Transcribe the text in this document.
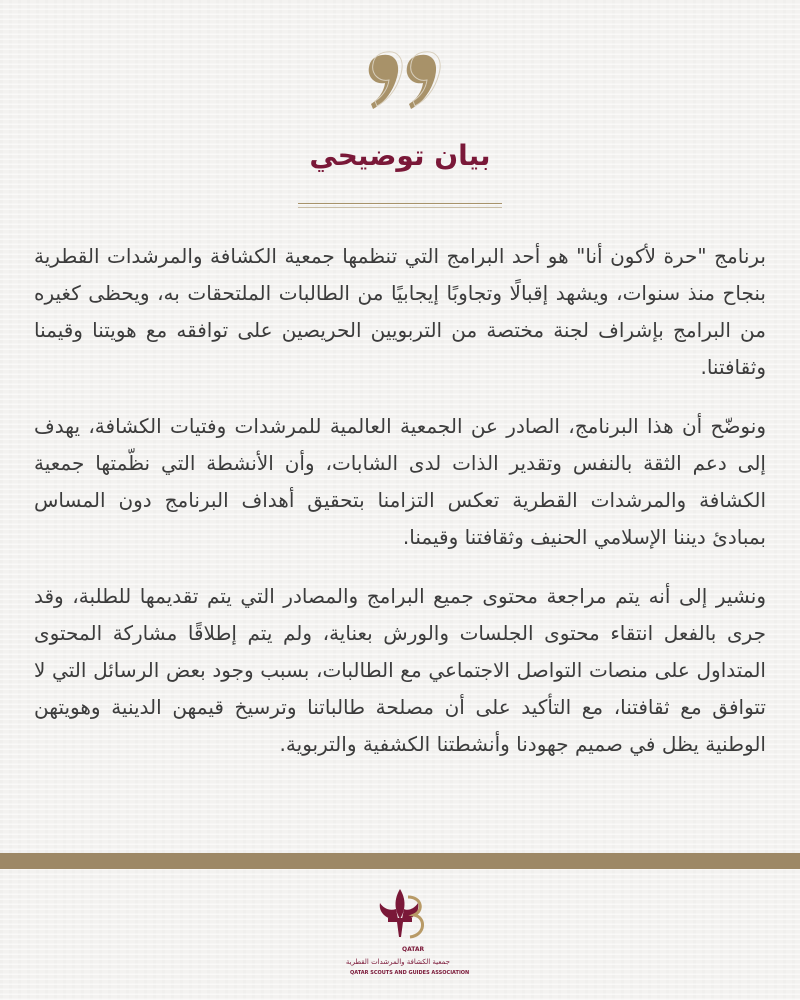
بيان توضيحي

برنامج "حرة لأكون أنا" هو أحد البرامج التي تنظمها جمعية الكشافة والمرشدات القطرية بنجاح منذ سنوات، ويشهد إقبالًا وتجاوبًا إيجابيًا من الطالبات الملتحقات به، ويحظى كغيره من البرامج بإشراف لجنة مختصة من التربويين الحريصين على توافقه مع هويتنا وقيمنا وثقافتنا.

ونوضّح أن هذا البرنامج، الصادر عن الجمعية العالمية للمرشدات وفتيات الكشافة، يهدف إلى دعم الثقة بالنفس وتقدير الذات لدى الشابات، وأن الأنشطة التي نظّمتها جمعية الكشافة والمرشدات القطرية تعكس التزامنا بتحقيق أهداف البرنامج دون المساس بمبادئ ديننا الإسلامي الحنيف وثقافتنا وقيمنا.

ونشير إلى أنه يتم مراجعة محتوى جميع البرامج والمصادر التي يتم تقديمها للطلبة، وقد جرى بالفعل انتقاء محتوى الجلسات والورش بعناية، ولم يتم إطلاقًا مشاركة المحتوى المتداول على منصات التواصل الاجتماعي مع الطالبات، بسبب وجود بعض الرسائل التي لا تتوافق مع ثقافتنا، مع التأكيد على أن مصلحة طالباتنا وترسيخ قيمهن الدينية وهويتهن الوطنية يظل في صميم جهودنا وأنشطتنا الكشفية والتربوية.

QATAR
جمعية الكشافة والمرشدات القطرية
QATAR SCOUTS AND GUIDES ASSOCIATION
